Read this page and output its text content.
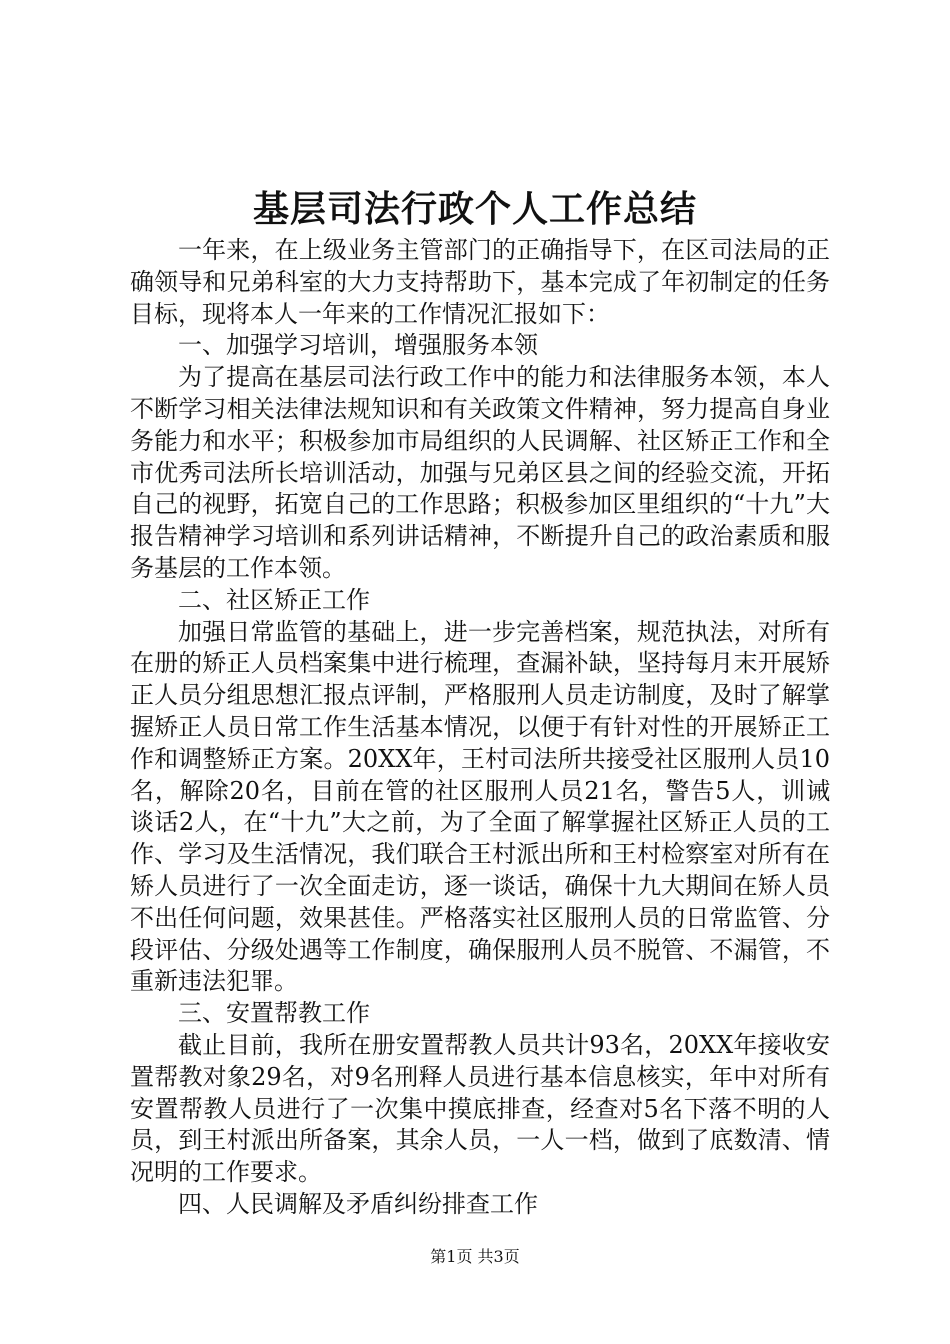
基层司法行政个人工作总结

一年来，在上级业务主管部门的正确指导下，在区司法局的正确领导和兄弟科室的大力支持帮助下，基本完成了年初制定的任务目标，现将本人一年来的工作情况汇报如下：

一、加强学习培训，增强服务本领

为了提高在基层司法行政工作中的能力和法律服务本领，本人不断学习相关法律法规知识和有关政策文件精神，努力提高自身业务能力和水平；积极参加市局组织的人民调解、社区矫正工作和全市优秀司法所长培训活动，加强与兄弟区县之间的经验交流，开拓自己的视野，拓宽自己的工作思路；积极参加区里组织的“十九”大报告精神学习培训和系列讲话精神，不断提升自己的政治素质和服务基层的工作本领。

二、社区矫正工作

加强日常监管的基础上，进一步完善档案，规范执法，对所有在册的矫正人员档案集中进行梳理，查漏补缺，坚持每月末开展矫正人员分组思想汇报点评制，严格服刑人员走访制度，及时了解掌握矫正人员日常工作生活基本情况，以便于有针对性的开展矫正工作和调整矫正方案。20XX年，王村司法所共接受社区服刑人员10名，解除20名，目前在管的社区服刑人员21名，警告5人，训诫谈话2人，在“十九”大之前，为了全面了解掌握社区矫正人员的工作、学习及生活情况，我们联合王村派出所和王村检察室对所有在矫人员进行了一次全面走访，逐一谈话，确保十九大期间在矫人员不出任何问题，效果甚佳。严格落实社区服刑人员的日常监管、分段评估、分级处遇等工作制度，确保服刑人员不脱管、不漏管，不重新违法犯罪。

三、安置帮教工作

截止目前，我所在册安置帮教人员共计93名，20XX年接收安置帮教对象29名，对9名刑释人员进行基本信息核实，年中对所有安置帮教人员进行了一次集中摸底排查，经查对5名下落不明的人员，到王村派出所备案，其余人员，一人一档，做到了底数清、情况明的工作要求。

四、人民调解及矛盾纠纷排查工作

第1页 共3页
